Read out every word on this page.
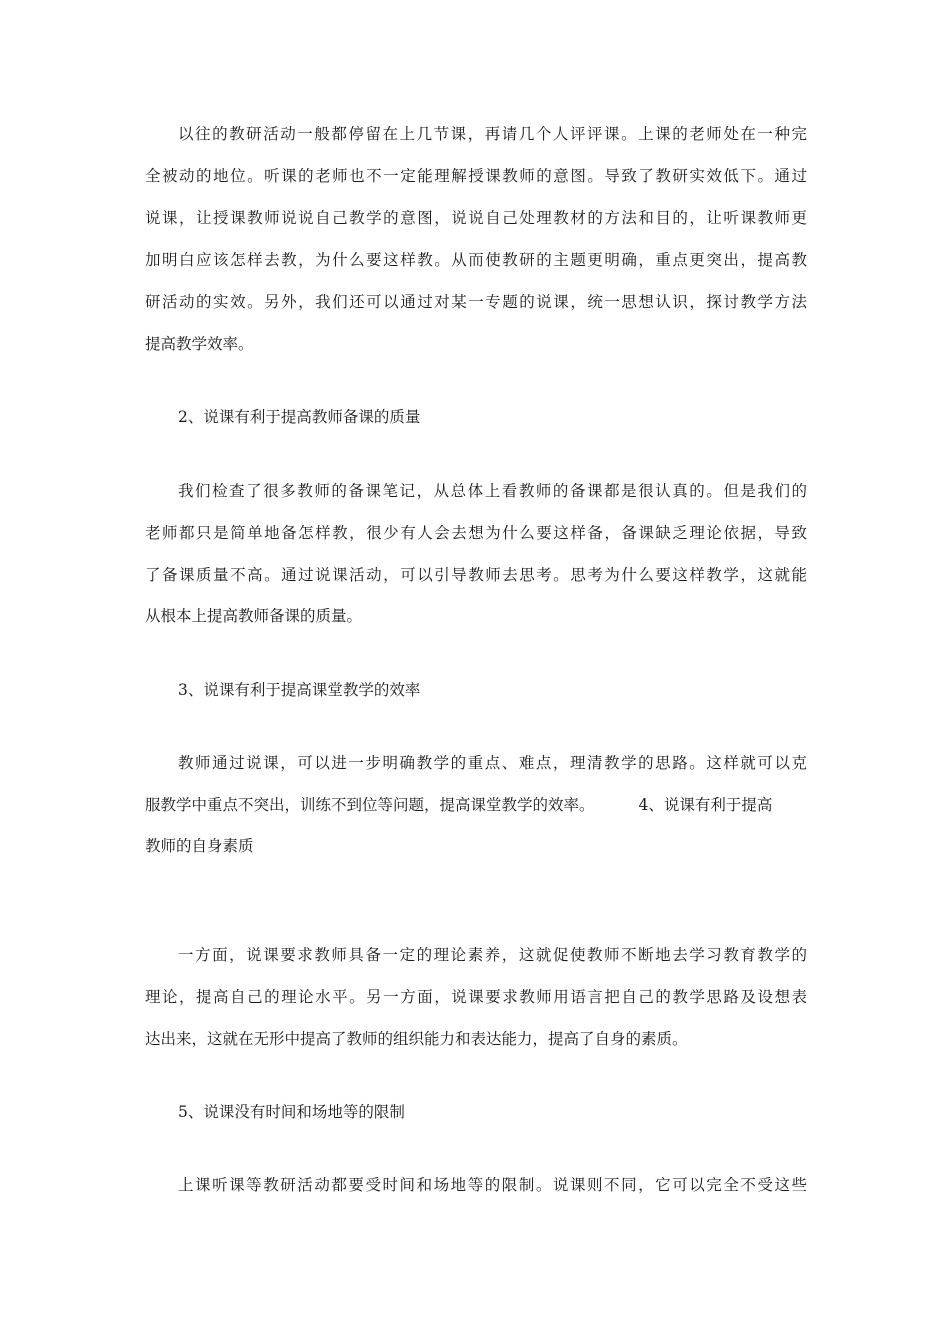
以往的教研活动一般都停留在上几节课，再请几个人评评课。上课的老师处在一种完
全被动的地位。听课的老师也不一定能理解授课教师的意图。导致了教研实效低下。通过
说课，让授课教师说说自己教学的意图，说说自己处理教材的方法和目的，让听课教师更
加明白应该怎样去教，为什么要这样教。从而使教研的主题更明确，重点更突出，提高教
研活动的实效。另外，我们还可以通过对某一专题的说课，统一思想认识，探讨教学方法
提高教学效率。
2、说课有利于提高教师备课的质量
我们检查了很多教师的备课笔记，从总体上看教师的备课都是很认真的。但是我们的
老师都只是简单地备怎样教，很少有人会去想为什么要这样备，备课缺乏理论依据，导致
了备课质量不高。通过说课活动，可以引导教师去思考。思考为什么要这样教学，这就能
从根本上提高教师备课的质量。
3、说课有利于提高课堂教学的效率
教师通过说课，可以进一步明确教学的重点、难点，理清教学的思路。这样就可以克
服教学中重点不突出，训练不到位等问题，提高课堂教学的效率。	4、说课有利于提高
教师的自身素质
一方面，说课要求教师具备一定的理论素养，这就促使教师不断地去学习教育教学的
理论，提高自己的理论水平。另一方面，说课要求教师用语言把自己的教学思路及设想表
达出来，这就在无形中提高了教师的组织能力和表达能力，提高了自身的素质。
5、说课没有时间和场地等的限制
上课听课等教研活动都要受时间和场地等的限制。说课则不同，它可以完全不受这些
